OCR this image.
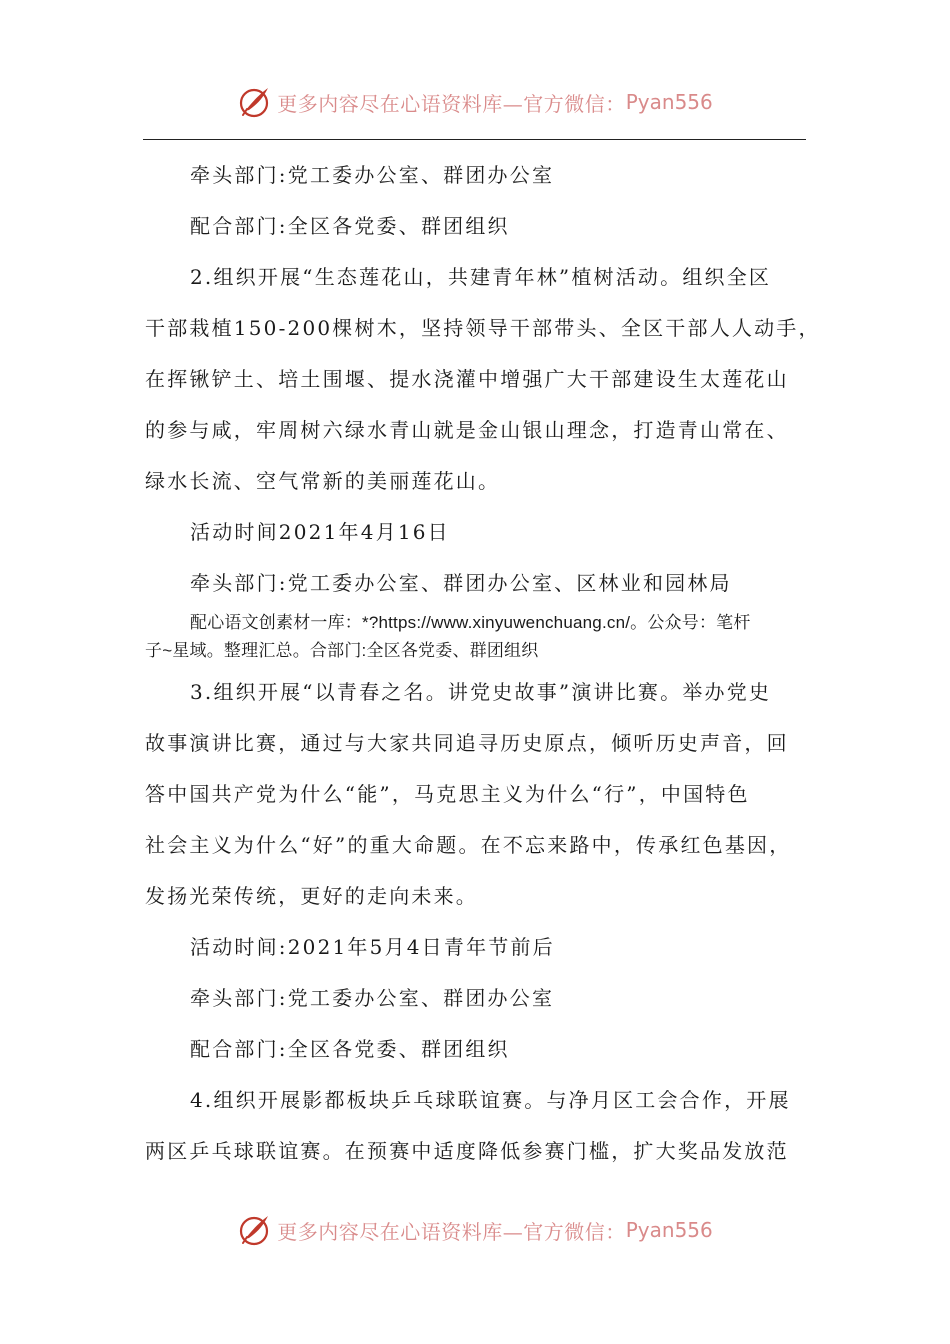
更多内容尽在心语资料库—官方微信： Pyan556

牵头部门:党工委办公室、群团办公室

配合部门:全区各党委、群团组织

2.组织开展“生态莲花山，共建青年林”植树活动。组织全区

干部栽植150-200棵树木，坚持领导干部带头、全区干部人人动手，

在挥锹铲土、培土围堰、提水浇灌中增强广大干部建设生太莲花山

的参与咸，牢周树六绿水青山就是金山银山理念，打造青山常在、

绿水长流、空气常新的美丽莲花山。

活动时间2021年4月16日

牵头部门:党工委办公室、群团办公室、区林业和园林局

配心语文创素材一库：*?https://www.xinyuwenchuang.cn/。公众号：笔杆

子~星域。整理汇总。合部门:全区各党委、群团组织

3.组织开展“以青春之名。讲党史故事”演讲比赛。举办党史

故事演讲比赛，通过与大家共同追寻历史原点，倾听历史声音，回

答中国共产党为什么“能”，马克思主义为什么“行”，中国特色

社会主义为什么“好”的重大命题。在不忘来路中，传承红色基因，

发扬光荣传统，更好的走向未来。

活动时间:2021年5月4日青年节前后

牵头部门:党工委办公室、群团办公室

配合部门:全区各党委、群团组织

4.组织开展影都板块乒乓球联谊赛。与净月区工会合作，开展

两区乒乓球联谊赛。在预赛中适度降低参赛门槛，扩大奖品发放范

更多内容尽在心语资料库—官方微信： Pyan556
